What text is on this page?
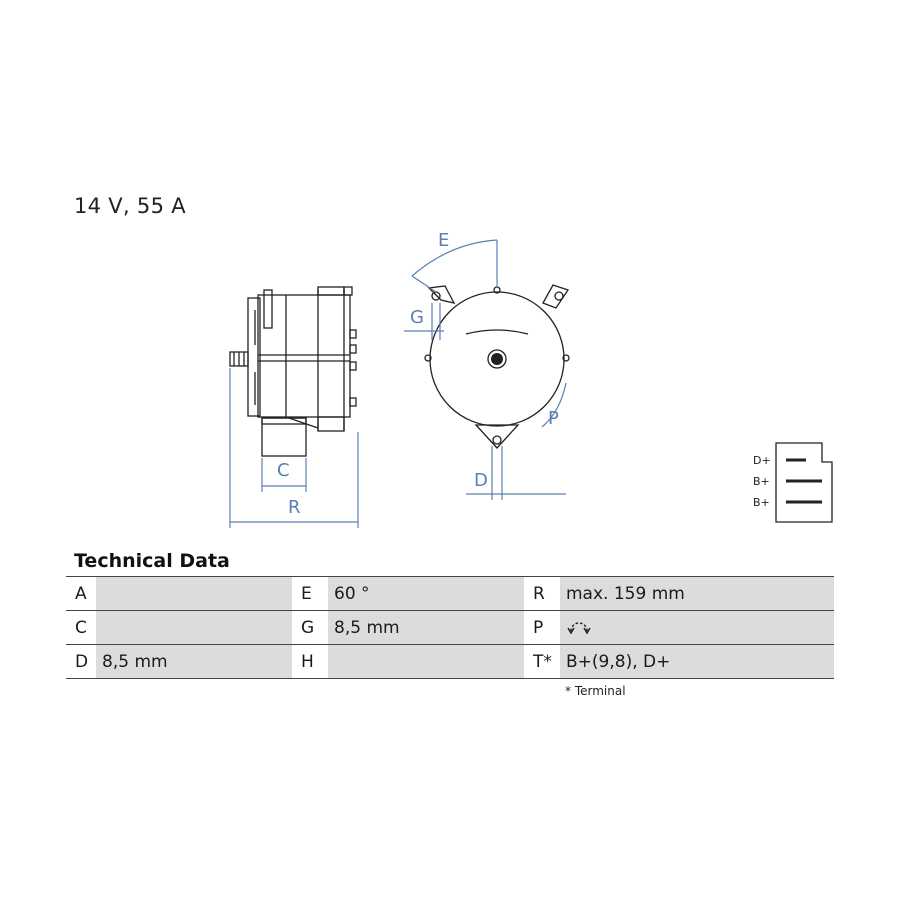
14 V, 55 A
C
R
E
G
P
D
D+
B+
B+
Technical Data
A		E	60 °	R	max. 159 mm
C		G	8,5 mm	P	
D	8,5 mm	H		T*	B+(9,8), D+
* Terminal
